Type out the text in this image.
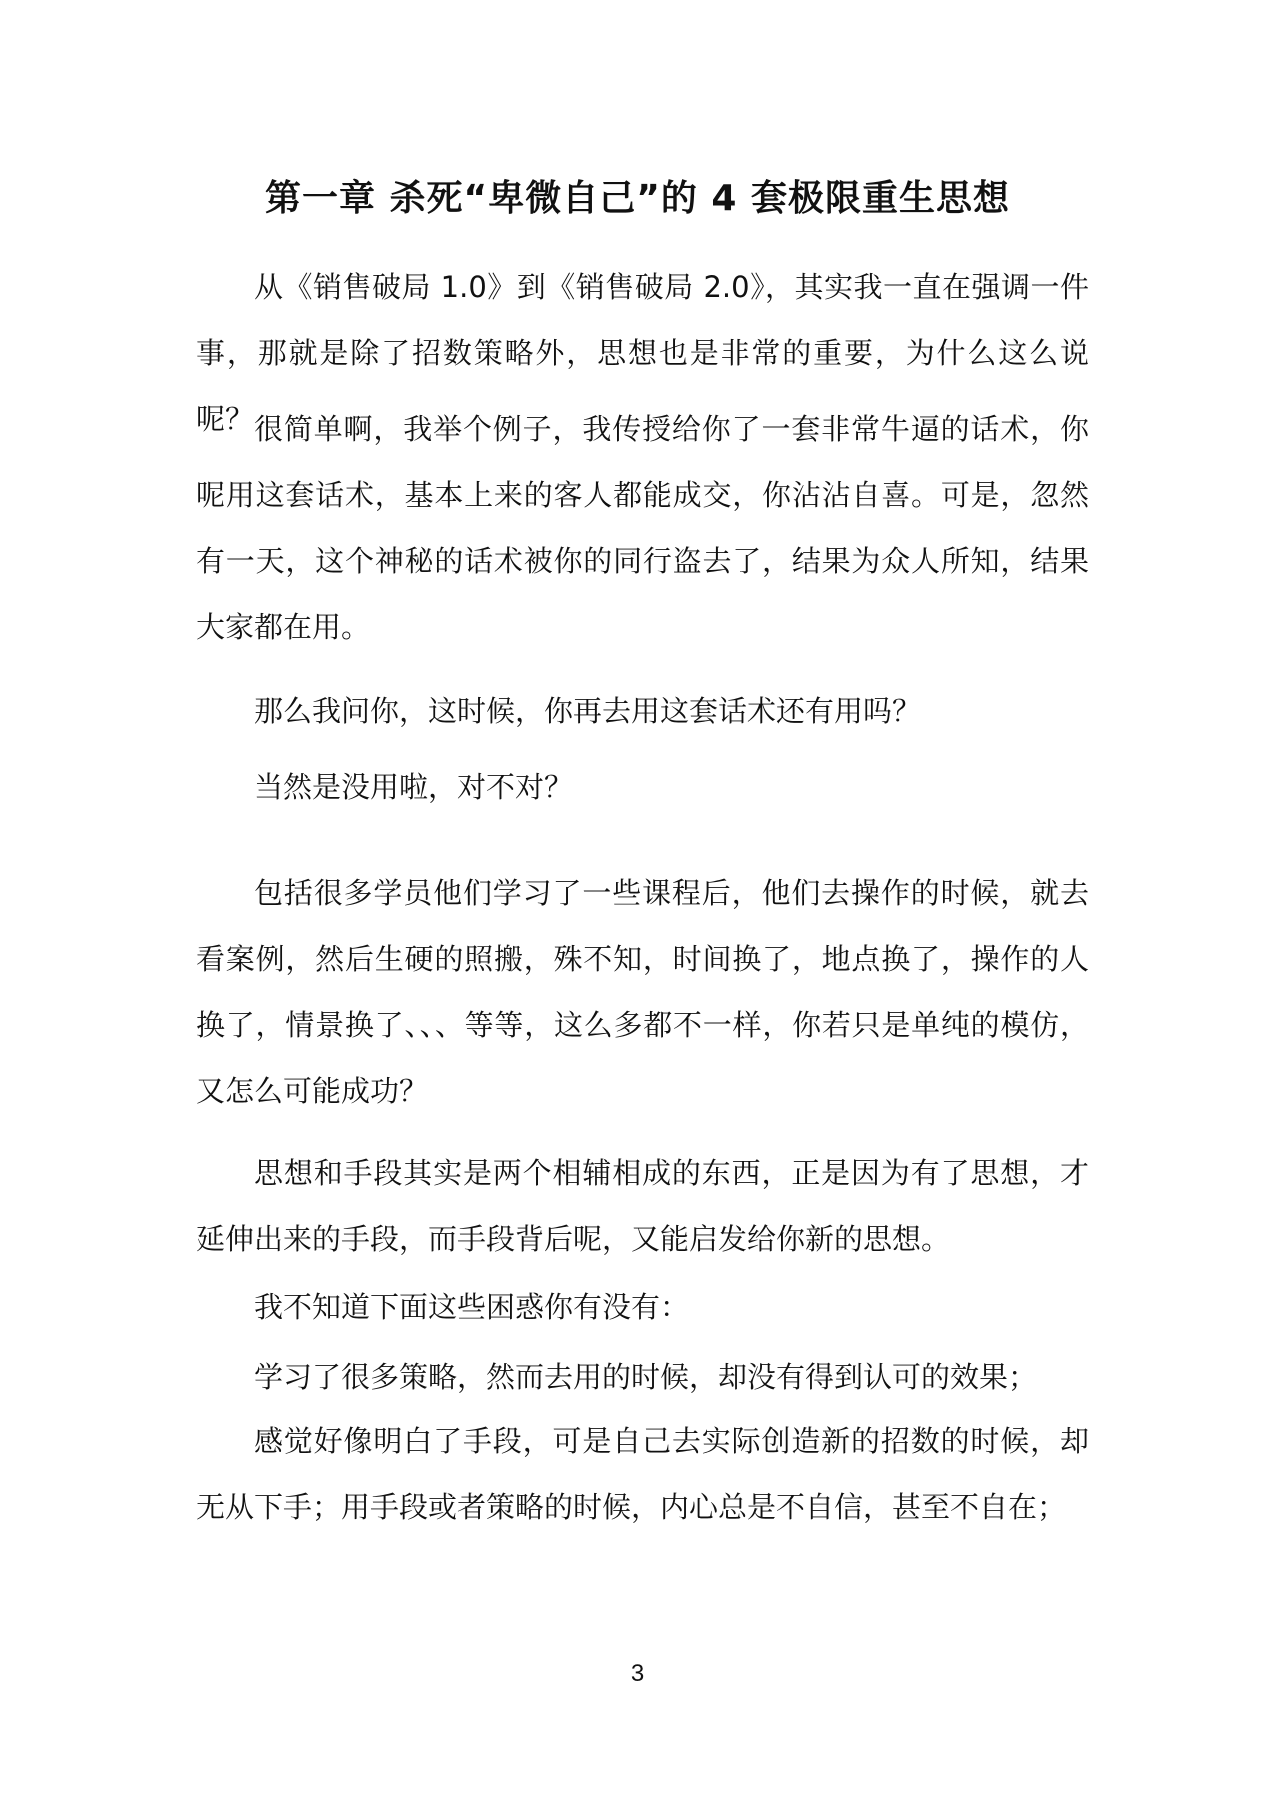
第一章 杀死“卑微自己”的 4 套极限重生思想

从《销售破局 1.0》到《销售破局 2.0》，其实我一直在强调一件事，那就是除了招数策略外，思想也是非常的重要，为什么这么说呢？ 很简单啊，我举个例子，我传授给你了一套非常牛逼的话术，你呢用这套话术，基本上来的客人都能成交，你沾沾自喜。可是，忽然有一天，这个神秘的话术被你的同行盗去了，结果为众人所知，结果大家都在用。

那么我问你，这时候，你再去用这套话术还有用吗？

当然是没用啦，对不对？

包括很多学员他们学习了一些课程后，他们去操作的时候，就去看案例，然后生硬的照搬，殊不知，时间换了，地点换了，操作的人换了，情景换了、、、等等，这么多都不一样，你若只是单纯的模仿，又怎么可能成功？

思想和手段其实是两个相辅相成的东西，正是因为有了思想，才延伸出来的手段，而手段背后呢，又能启发给你新的思想。

我不知道下面这些困惑你有没有：

学习了很多策略，然而去用的时候，却没有得到认可的效果；

感觉好像明白了手段，可是自己去实际创造新的招数的时候，却无从下手；用手段或者策略的时候，内心总是不自信，甚至不自在；

3
